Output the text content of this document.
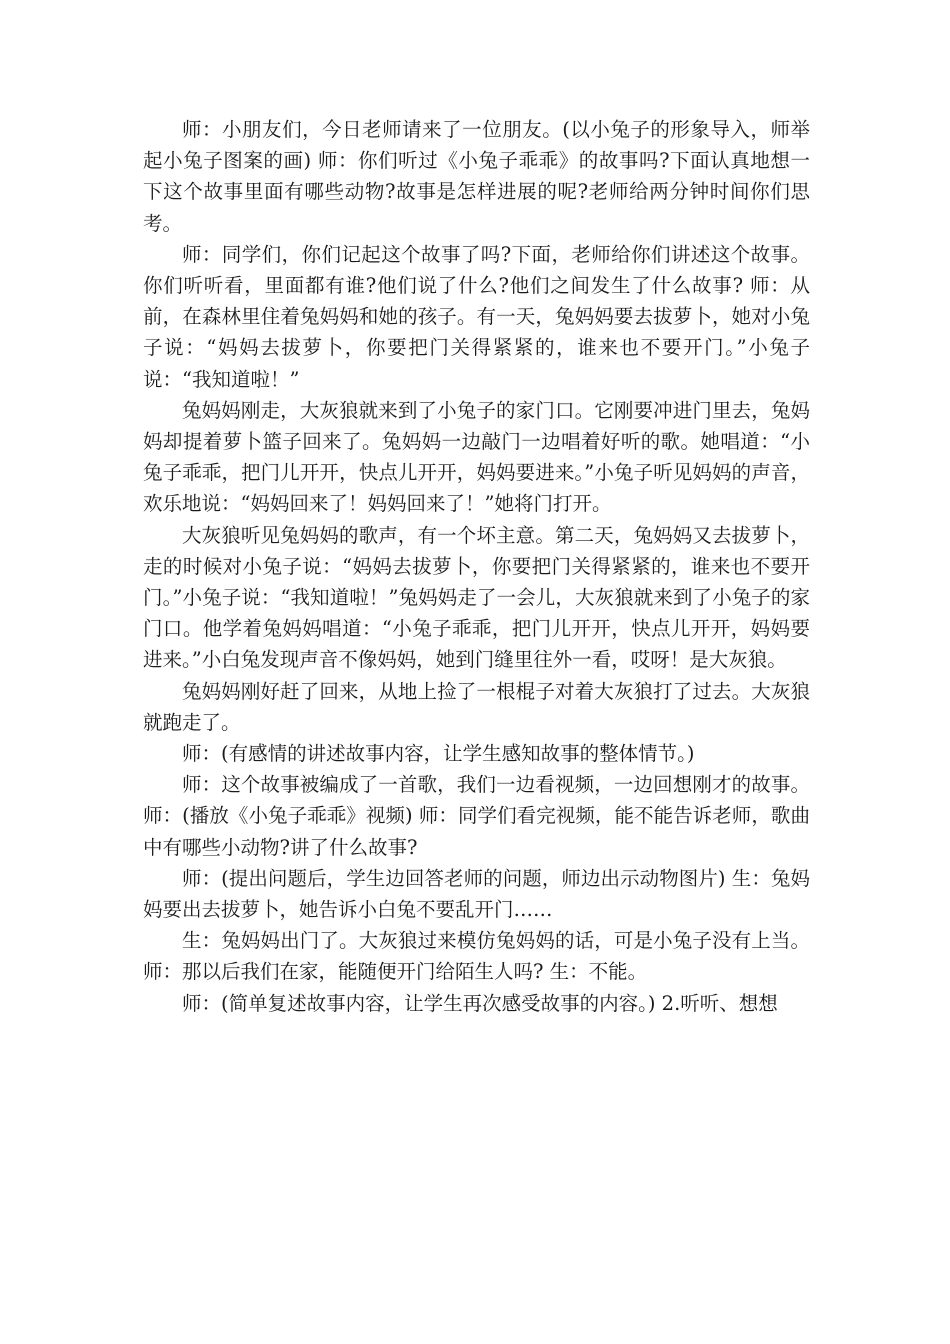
师：小朋友们，今日老师请来了一位朋友。(以小兔子的形象导入，师举起小兔子图案的画) 师：你们听过《小兔子乖乖》的故事吗?下面认真地想一下这个故事里面有哪些动物?故事是怎样进展的呢?老师给两分钟时间你们思考。

师：同学们，你们记起这个故事了吗?下面，老师给你们讲述这个故事。你们听听看，里面都有谁?他们说了什么?他们之间发生了什么故事? 师：从前，在森林里住着兔妈妈和她的孩子。有一天，兔妈妈要去拔萝卜，她对小兔子说：“妈妈去拔萝卜，你要把门关得紧紧的，谁来也不要开门。”小兔子说：“我知道啦！”

兔妈妈刚走，大灰狼就来到了小兔子的家门口。它刚要冲进门里去，兔妈妈却提着萝卜篮子回来了。兔妈妈一边敲门一边唱着好听的歌。她唱道：“小兔子乖乖，把门儿开开，快点儿开开，妈妈要进来。”小兔子听见妈妈的声音，欢乐地说：“妈妈回来了！妈妈回来了！”她将门打开。

大灰狼听见兔妈妈的歌声，有一个坏主意。第二天，兔妈妈又去拔萝卜，走的时候对小兔子说：“妈妈去拔萝卜，你要把门关得紧紧的，谁来也不要开门。”小兔子说：“我知道啦！”兔妈妈走了一会儿，大灰狼就来到了小兔子的家门口。他学着兔妈妈唱道：“小兔子乖乖，把门儿开开，快点儿开开，妈妈要进来。”小白兔发现声音不像妈妈，她到门缝里往外一看，哎呀！是大灰狼。

兔妈妈刚好赶了回来，从地上捡了一根棍子对着大灰狼打了过去。大灰狼就跑走了。

师：(有感情的讲述故事内容，让学生感知故事的整体情节。)

师：这个故事被编成了一首歌，我们一边看视频，一边回想刚才的故事。师：(播放《小兔子乖乖》视频) 师：同学们看完视频，能不能告诉老师，歌曲中有哪些小动物?讲了什么故事?

师：(提出问题后，学生边回答老师的问题，师边出示动物图片) 生：兔妈妈要出去拔萝卜，她告诉小白兔不要乱开门……

生：兔妈妈出门了。大灰狼过来模仿兔妈妈的话，可是小兔子没有上当。师：那以后我们在家，能随便开门给陌生人吗? 生：不能。

师：(简单复述故事内容，让学生再次感受故事的内容。) 2.听听、想想
